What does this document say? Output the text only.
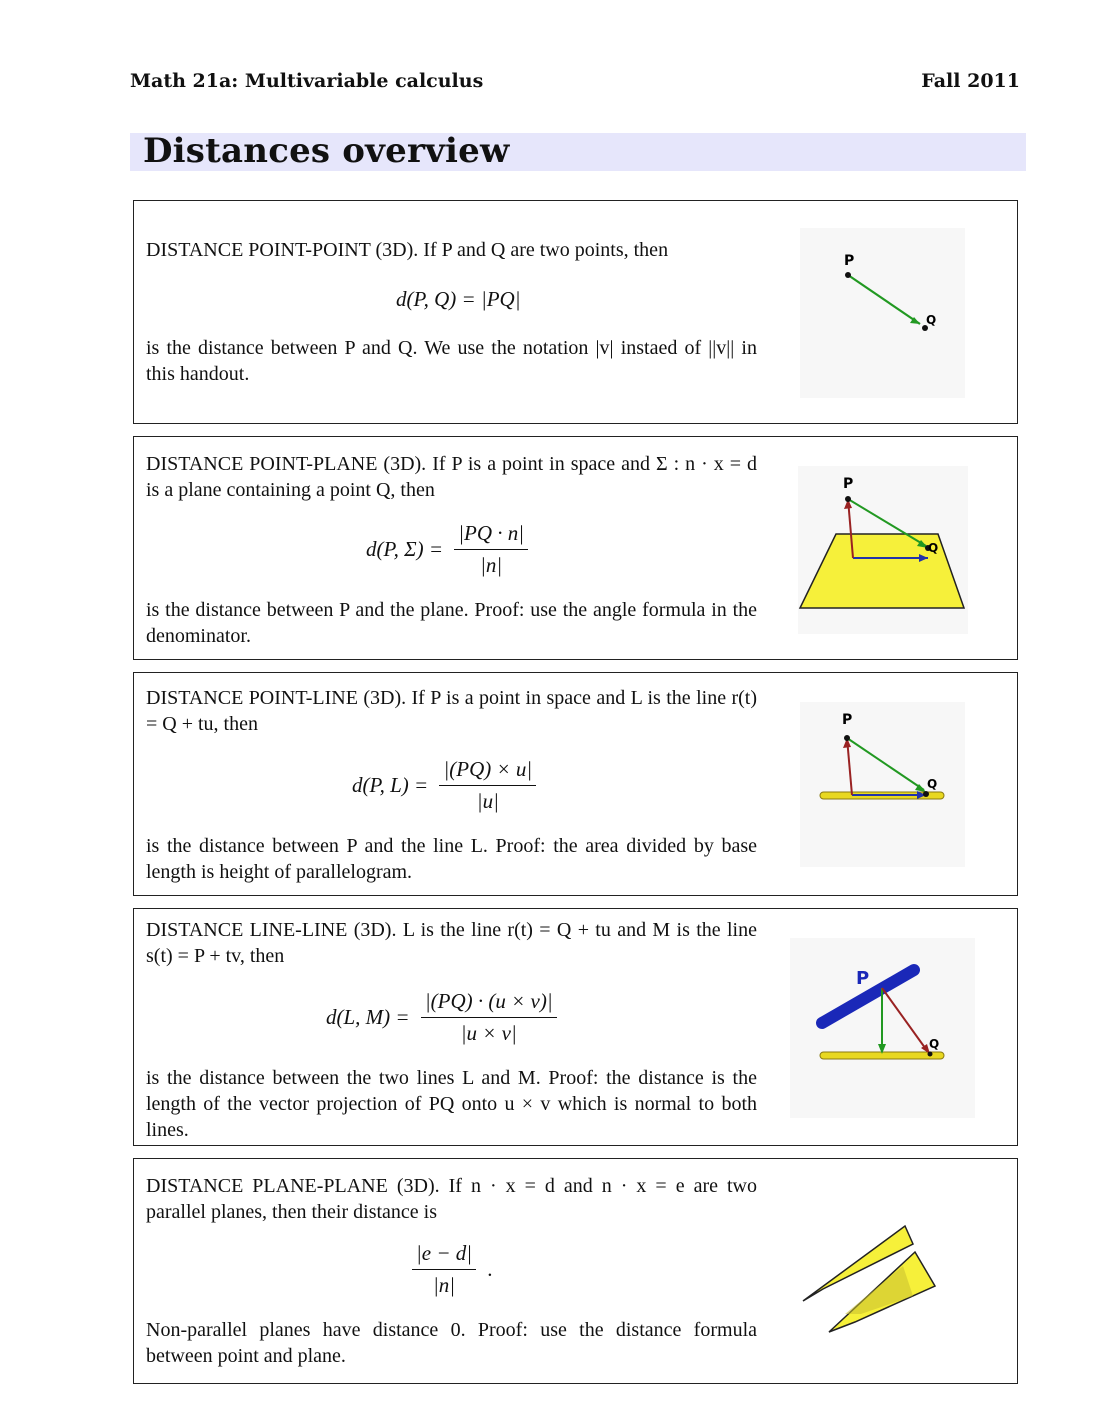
Math 21a: Multivariable calculus	Fall 2011
Distances overview
DISTANCE POINT-POINT (3D). If P and Q are two points, then
d(P, Q) = |PQ|
is the distance between P and Q. We use the notation |v| instaed of ||v|| in this handout.
P
Q
DISTANCE POINT-PLANE (3D). If P is a point in space and Σ : n · x = d is a plane containing a point Q, then
d(P, $\Sigma) = \frac{|PQ \cdot n|}{|n|}$
is the distance between P and the plane. Proof: use the angle formula in the denominator.
P
Q
DISTANCE POINT-LINE (3D). If P is a point in space and L is the line r(t) = Q + tu, then
d(P, $L) = \frac{|(PQ) \times u|}{|u|}$
is the distance between P and the line L. Proof: the area divided by base length is height of parallelogram.
P
Q
DISTANCE LINE-LINE (3D). L is the line r(t) = Q + tu and M is the line s(t) = P + tv, then
d(L, $M) = \frac{|(PQ) \cdot (u \times v)|}{|u \times v|}$
is the distance between the two lines L and M. Proof: the distance is the length of the vector projection of PQ onto u × v which is normal to both lines.
P
Q
DISTANCE PLANE-PLANE (3D). If n · x = d and n · x = e are two parallel planes, then their distance is
$\frac{|e - d|}{|n|}$ .
Non-parallel planes have distance 0. Proof: use the distance formula between point and plane.
